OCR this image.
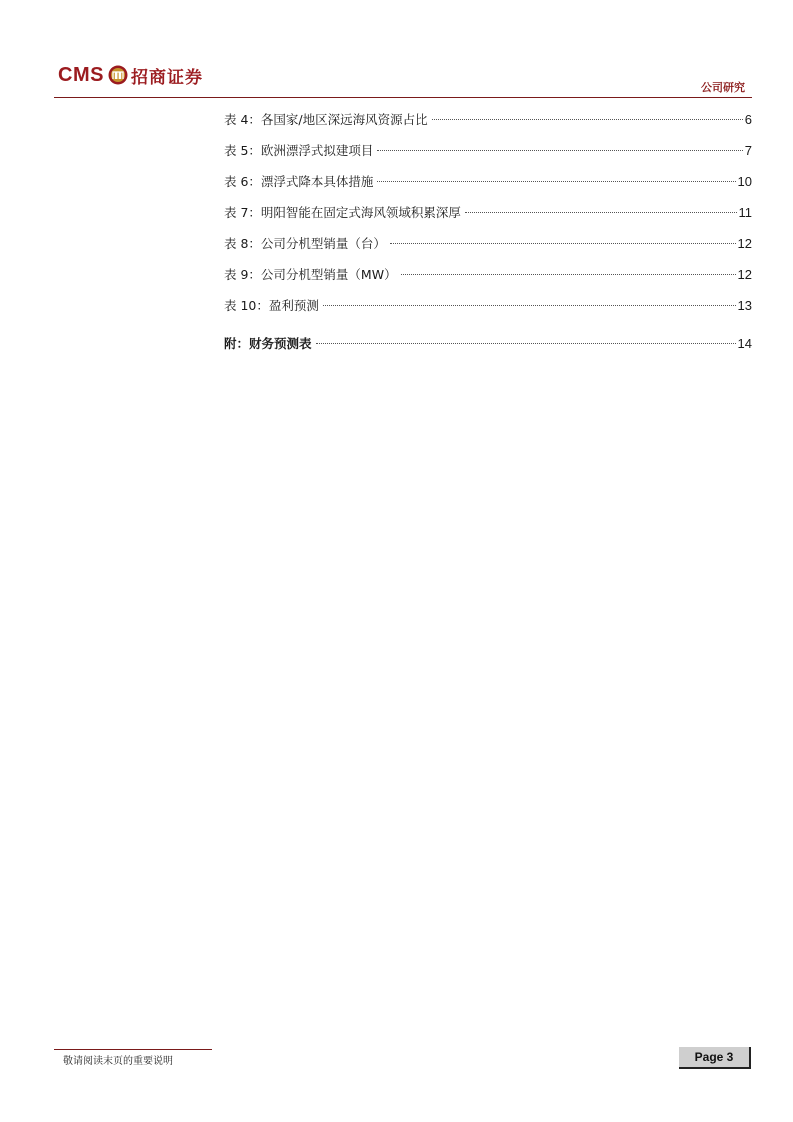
CMS 招商证券	公司研究
表 4：各国家/地区深远海风资源占比	6
表 5：欧洲漂浮式拟建项目	7
表 6：漂浮式降本具体措施	10
表 7：明阳智能在固定式海风领域积累深厚	11
表 8：公司分机型销量（台）	12
表 9：公司分机型销量（MW）	12
表 10：盈利预测	13
附：财务预测表	14
敬请阅读末页的重要说明	Page 3
